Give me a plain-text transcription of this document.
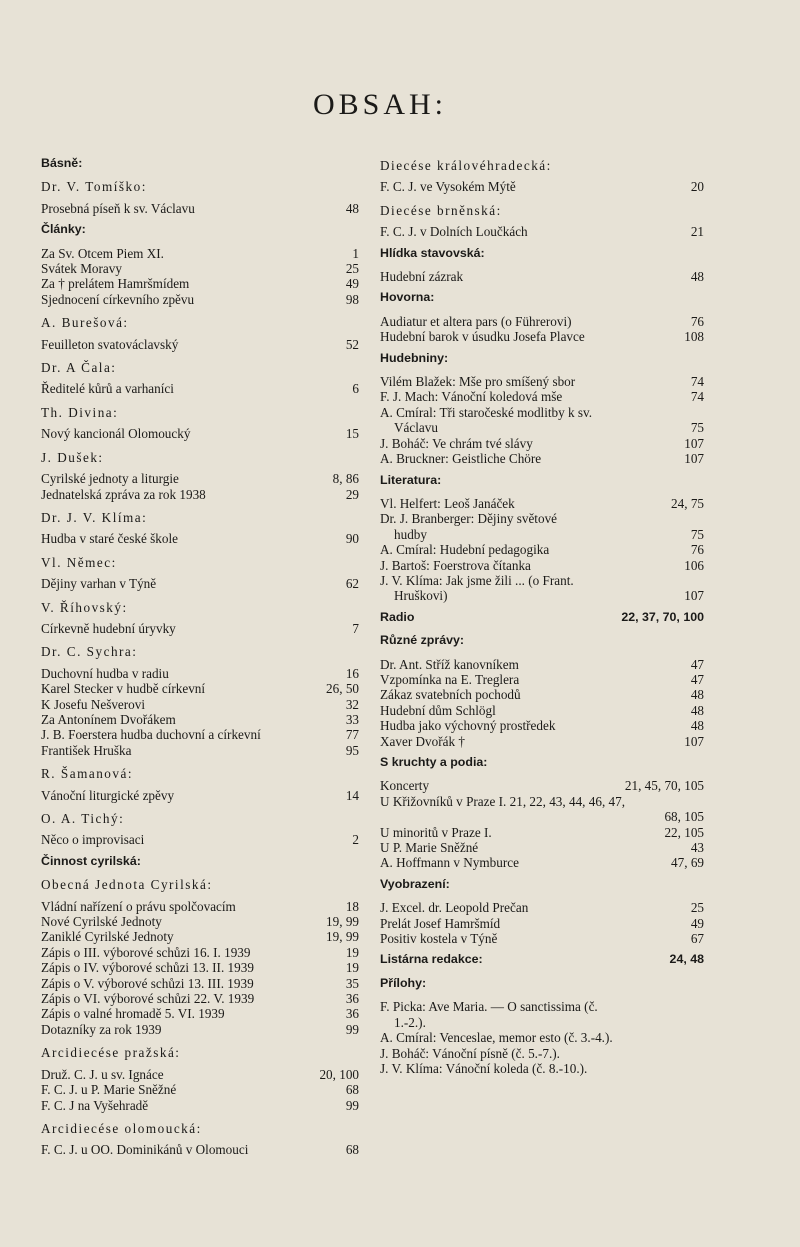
OBSAH:
Básně:
Dr. V. Tomíško:
Prosebná píseň k sv. Václavu	48
Články:
Za Sv. Otcem Piem XI.	1
Svátek Moravy	25
Za † prelátem Hamršmídem	49
Sjednocení církevního zpěvu	98
A. Burešová:
Feuilleton svatováclavský	52
Dr. A Čala:
Ředitelé kůrů a varhaníci	6
Th. Divina:
Nový kancionál Olomoucký	15
J. Dušek:
Cyrilské jednoty a liturgie	8, 86
Jednatelská zpráva za rok 1938	29
Dr. J. V. Klíma:
Hudba v staré české škole	90
Vl. Němec:
Dějiny varhan v Týně	62
V. Říhovský:
Církevně hudební úryvky	7
Dr. C. Sychra:
Duchovní hudba v radiu	16
Karel Stecker v hudbě církevní	26, 50
K Josefu Nešverovi	32
Za Antonínem Dvořákem	33
J. B. Foerstera hudba duchovní a církevní	77
František Hruška	95
R. Šamanová:
Vánoční liturgické zpěvy	14
O. A. Tichý:
Něco o improvisaci	2
Činnost cyrilská:
Obecná Jednota Cyrilská:
Vládní nařízení o právu spolčovacím	18
Nové Cyrilské Jednoty	19, 99
Zaniklé Cyrilské Jednoty	19, 99
Zápis o III. výborové schůzi 16. I. 1939	19
Zápis o IV. výborové schůzi 13. II. 1939	19
Zápis o V. výborové schůzi 13. III. 1939	35
Zápis o VI. výborové schůzi 22. V. 1939	36
Zápis o valné hromadě 5. VI. 1939	36
Dotazníky za rok 1939	99
Arcidiecése pražská:
Druž. C. J. u sv. Ignáce	20, 100
F. C. J. u P. Marie Sněžné	68
F. C. J na Vyšehradě	99
Arcidiecése olomoucká:
F. C. J. u OO. Dominikánů v Olomouci	68
Diecése královéhradecká:
F. C. J. ve Vysokém Mýtě	20
Diecése brněnská:
F. C. J. v Dolních Loučkách	21
Hlídka stavovská:
Hudební zázrak	48
Hovorna:
Audiatur et altera pars (o Führerovi)	76
Hudební barok v úsudku Josefa Plavce	108
Hudebniny:
Vilém Blažek: Mše pro smíšený sbor	74
F. J. Mach: Vánoční koledová mše	74
A. Cmíral: Tři staročeské modlitby k sv.
Václavu	75
J. Boháč: Ve chrám tvé slávy	107
A. Bruckner: Geistliche Chöre	107
Literatura:
Vl. Helfert: Leoš Janáček	24, 75
Dr. J. Branberger: Dějiny světové
hudby	75
A. Cmíral: Hudební pedagogika	76
J. Bartoš: Foerstrova čítanka	106
J. V. Klíma: Jak jsme žili ... (o Frant.
Hruškovi)	107
Radio	22, 37, 70, 100
Různé zprávy:
Dr. Ant. Stříž kanovníkem	47
Vzpomínka na E. Treglera	47
Zákaz svatebních pochodů	48
Hudební dům Schlögl	48
Hudba jako výchovný prostředek	48
Xaver Dvořák †	107
S kruchty a podia:
Koncerty	21, 45, 70, 105
U Křižovníků v Praze I. 21, 22, 43, 44, 46, 47,
68, 105
U minoritů v Praze I.	22, 105
U P. Marie Sněžné	43
A. Hoffmann v Nymburce	47, 69
Vyobrazení:
J. Excel. dr. Leopold Prečan	25
Prelát Josef Hamršmíd	49
Positiv kostela v Týně	67
Listárna redakce:	24, 48
Přílohy:
F. Picka: Ave Maria. — O sanctissima (č.
1.-2.).
A. Cmíral: Venceslae, memor esto (č. 3.-4.).
J. Boháč: Vánoční písně (č. 5.-7.).
J. V. Klíma: Vánoční koleda (č. 8.-10.).
